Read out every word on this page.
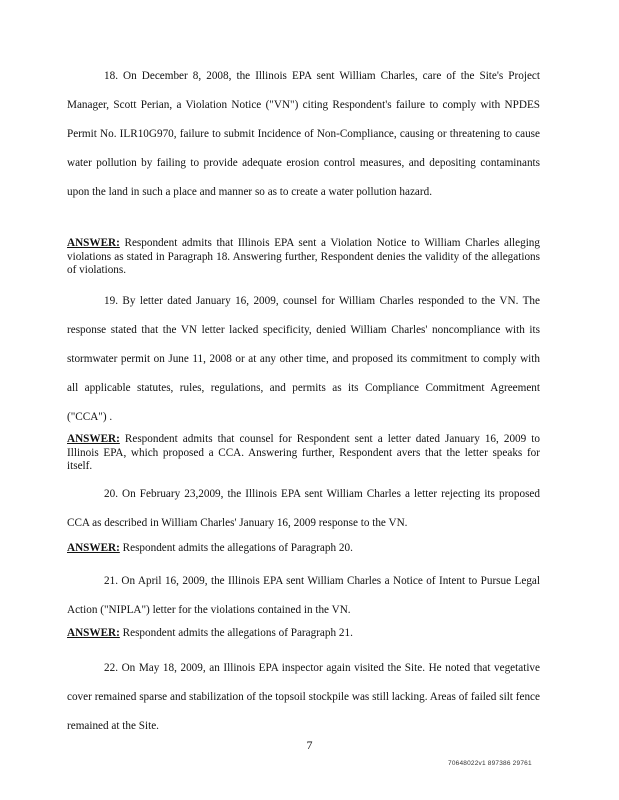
18. On December 8, 2008, the Illinois EPA sent William Charles, care of the Site's Project Manager, Scott Perian, a Violation Notice ("VN") citing Respondent's failure to comply with NPDES Permit No. ILR10G970, failure to submit Incidence of Non-Compliance, causing or threatening to cause water pollution by failing to provide adequate erosion control measures, and depositing contaminants upon the land in such a place and manner so as to create a water pollution hazard.

ANSWER: Respondent admits that Illinois EPA sent a Violation Notice to William Charles alleging violations as stated in Paragraph 18. Answering further, Respondent denies the validity of the allegations of violations.

19. By letter dated January 16, 2009, counsel for William Charles responded to the VN. The response stated that the VN letter lacked specificity, denied William Charles' noncompliance with its stormwater permit on June 11, 2008 or at any other time, and proposed its commitment to comply with all applicable statutes, rules, regulations, and permits as its Compliance Commitment Agreement ("CCA") .

ANSWER: Respondent admits that counsel for Respondent sent a letter dated January 16, 2009 to Illinois EPA, which proposed a CCA. Answering further, Respondent avers that the letter speaks for itself.

20. On February 23,2009, the Illinois EPA sent William Charles a letter rejecting its proposed CCA as described in William Charles' January 16, 2009 response to the VN.

ANSWER: Respondent admits the allegations of Paragraph 20.

21. On April 16, 2009, the Illinois EPA sent William Charles a Notice of Intent to Pursue Legal Action ("NIPLA") letter for the violations contained in the VN.

ANSWER: Respondent admits the allegations of Paragraph 21.

22. On May 18, 2009, an Illinois EPA inspector again visited the Site. He noted that vegetative cover remained sparse and stabilization of the topsoil stockpile was still lacking. Areas of failed silt fence remained at the Site.

7
70648022v1 897386 29761
